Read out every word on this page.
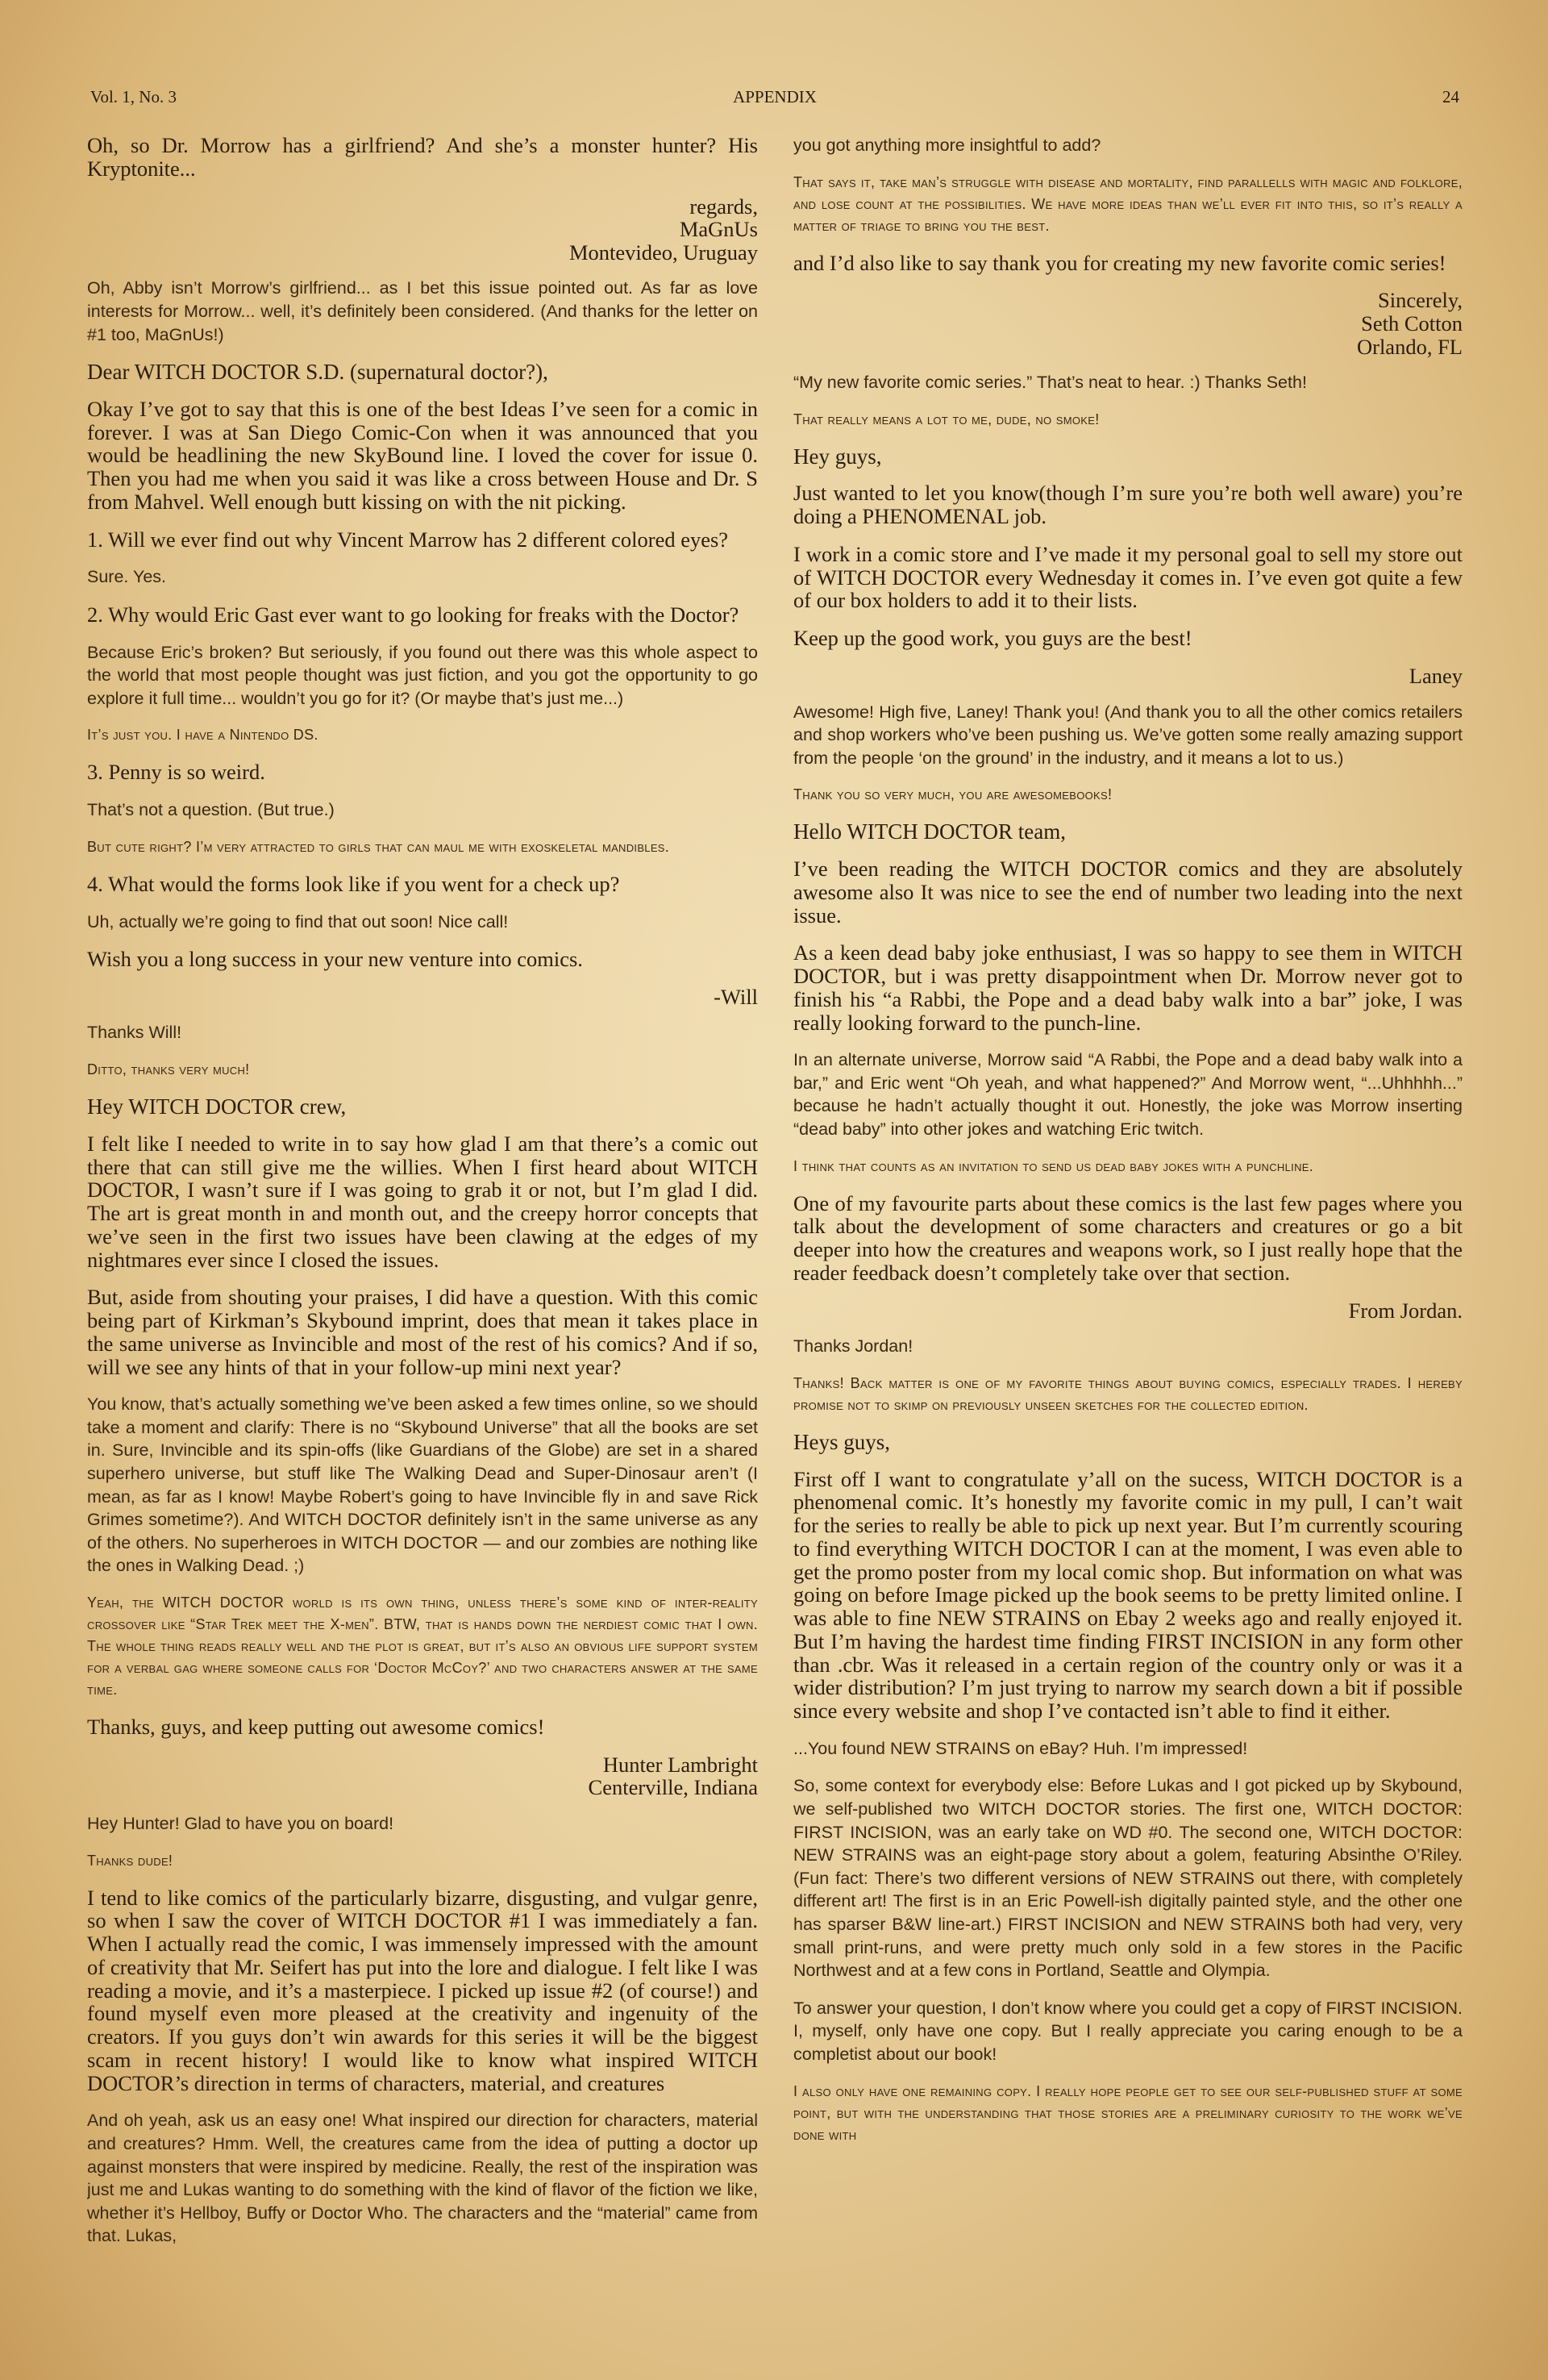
Vol. 1, No. 3	APPENDIX	24

Oh, so Dr. Morrow has a girlfriend? And she’s a monster hunter? His Kryptonite...

regards,
MaGnUs
Montevideo, Uruguay

Oh, Abby isn’t Morrow’s girlfriend... as I bet this issue pointed out. As far as love interests for Morrow... well, it’s definitely been considered. (And thanks for the letter on #1 too, MaGnUs!)

Dear WITCH DOCTOR S.D. (supernatural doctor?),

Okay I’ve got to say that this is one of the best Ideas I’ve seen for a comic in forever. I was at San Diego Comic-Con when it was announced that you would be headlining the new SkyBound line. I loved the cover for issue 0. Then you had me when you said it was like a cross between House and Dr. S from Mahvel. Well enough butt kissing on with the nit picking.

1. Will we ever find out why Vincent Marrow has 2 different colored eyes?

Sure. Yes.

2. Why would Eric Gast ever want to go looking for freaks with the Doctor?

Because Eric’s broken? But seriously, if you found out there was this whole aspect to the world that most people thought was just fiction, and you got the opportunity to go explore it full time... wouldn’t you go for it? (Or maybe that’s just me...)

It’s just you. I have a Nintendo DS.

3. Penny is so weird.

That’s not a question. (But true.)

But cute right? I’m very attracted to girls that can maul me with exoskeletal mandibles.

4. What would the forms look like if you went for a check up?

Uh, actually we’re going to find that out soon! Nice call!

Wish you a long success in your new venture into comics.

-Will

Thanks Will!

Ditto, thanks very much!

Hey WITCH DOCTOR crew,

I felt like I needed to write in to say how glad I am that there’s a comic out there that can still give me the willies. When I first heard about WITCH DOCTOR, I wasn’t sure if I was going to grab it or not, but I’m glad I did. The art is great month in and month out, and the creepy horror concepts that we’ve seen in the first two issues have been clawing at the edges of my nightmares ever since I closed the issues.

But, aside from shouting your praises, I did have a question. With this comic being part of Kirkman’s Skybound imprint, does that mean it takes place in the same universe as Invincible and most of the rest of his comics? And if so, will we see any hints of that in your follow-up mini next year?

You know, that’s actually something we’ve been asked a few times online, so we should take a moment and clarify: There is no “Skybound Universe” that all the books are set in. Sure, Invincible and its spin-offs (like Guardians of the Globe) are set in a shared superhero universe, but stuff like The Walking Dead and Super-Dinosaur aren’t (I mean, as far as I know! Maybe Robert’s going to have Invincible fly in and save Rick Grimes sometime?). And WITCH DOCTOR definitely isn’t in the same universe as any of the others. No superheroes in WITCH DOCTOR — and our zombies are nothing like the ones in Walking Dead. ;)

Yeah, the WITCH DOCTOR world is its own thing, unless there’s some kind of inter-reality crossover like “Star Trek meet the X-men”. BTW, that is hands down the nerdiest comic that I own. The whole thing reads really well and the plot is great, but it’s also an obvious life support system for a verbal gag where someone calls for ‘Doctor McCoy?’ and two characters answer at the same time.

Thanks, guys, and keep putting out awesome comics!

Hunter Lambright
Centerville, Indiana

Hey Hunter! Glad to have you on board!

Thanks dude!

I tend to like comics of the particularly bizarre, disgusting, and vulgar genre, so when I saw the cover of WITCH DOCTOR #1 I was immediately a fan. When I actually read the comic, I was immensely impressed with the amount of creativity that Mr. Seifert has put into the lore and dialogue. I felt like I was reading a movie, and it’s a masterpiece. I picked up issue #2 (of course!) and found myself even more pleased at the creativity and ingenuity of the creators. If you guys don’t win awards for this series it will be the biggest scam in recent history! I would like to know what inspired WITCH DOCTOR’s direction in terms of characters, material, and creatures

And oh yeah, ask us an easy one! What inspired our direction for characters, material and creatures? Hmm. Well, the creatures came from the idea of putting a doctor up against monsters that were inspired by medicine. Really, the rest of the inspiration was just me and Lukas wanting to do something with the kind of flavor of the fiction we like, whether it’s Hellboy, Buffy or Doctor Who. The characters and the “material” came from that. Lukas,

you got anything more insightful to add?

That says it, take man’s struggle with disease and mortality, find parallells with magic and folklore, and lose count at the possibilities. We have more ideas than we’ll ever fit into this, so it’s really a matter of triage to bring you the best.

and I’d also like to say thank you for creating my new favorite comic series!

Sincerely,
Seth Cotton
Orlando, FL

“My new favorite comic series.” That’s neat to hear. :) Thanks Seth!

That really means a lot to me, dude, no smoke!

Hey guys,

Just wanted to let you know(though I’m sure you’re both well aware) you’re doing a PHENOMENAL job.

I work in a comic store and I’ve made it my personal goal to sell my store out of WITCH DOCTOR every Wednesday it comes in. I’ve even got quite a few of our box holders to add it to their lists.

Keep up the good work, you guys are the best!

Laney

Awesome! High five, Laney! Thank you! (And thank you to all the other comics retailers and shop workers who’ve been pushing us. We’ve gotten some really amazing support from the people ‘on the ground’ in the industry, and it means a lot to us.)

Thank you so very much, you are awesomebooks!

Hello WITCH DOCTOR team,

I’ve been reading the WITCH DOCTOR comics and they are absolutely awesome also It was nice to see the end of number two leading into the next issue.

As a keen dead baby joke enthusiast, I was so happy to see them in WITCH DOCTOR, but i was pretty disappointment when Dr. Morrow never got to finish his “a Rabbi, the Pope and a dead baby walk into a bar” joke, I was really looking forward to the punch-line.

In an alternate universe, Morrow said “A Rabbi, the Pope and a dead baby walk into a bar,” and Eric went “Oh yeah, and what happened?” And Morrow went, “...Uhhhhh...” because he hadn’t actually thought it out. Honestly, the joke was Morrow inserting “dead baby” into other jokes and watching Eric twitch.

I think that counts as an invitation to send us dead baby jokes with a punchline.

One of my favourite parts about these comics is the last few pages where you talk about the development of some characters and creatures or go a bit deeper into how the creatures and weapons work, so I just really hope that the reader feedback doesn’t completely take over that section.

From Jordan.

Thanks Jordan!

Thanks! Back matter is one of my favorite things about buying comics, especially trades. I hereby promise not to skimp on previously unseen sketches for the collected edition.

Heys guys,

First off I want to congratulate y’all on the sucess, WITCH DOCTOR is a phenomenal comic. It’s honestly my favorite comic in my pull, I can’t wait for the series to really be able to pick up next year. But I’m currently scouring to find everything WITCH DOCTOR I can at the moment, I was even able to get the promo poster from my local comic shop. But information on what was going on before Image picked up the book seems to be pretty limited online. I was able to fine NEW STRAINS on Ebay 2 weeks ago and really enjoyed it. But I’m having the hardest time finding FIRST INCISION in any form other than .cbr. Was it released in a certain region of the country only or was it a wider distribution? I’m just trying to narrow my search down a bit if possible since every website and shop I’ve contacted isn’t able to find it either.

...You found NEW STRAINS on eBay? Huh. I’m impressed!

So, some context for everybody else: Before Lukas and I got picked up by Skybound, we self-published two WITCH DOCTOR stories. The first one, WITCH DOCTOR: FIRST INCISION, was an early take on WD #0. The second one, WITCH DOCTOR: NEW STRAINS was an eight-page story about a golem, featuring Absinthe O’Riley. (Fun fact: There’s two different versions of NEW STRAINS out there, with completely different art! The first is in an Eric Powell-ish digitally painted style, and the other one has sparser B&W line-art.) FIRST INCISION and NEW STRAINS both had very, very small print-runs, and were pretty much only sold in a few stores in the Pacific Northwest and at a few cons in Portland, Seattle and Olympia.

To answer your question, I don’t know where you could get a copy of FIRST INCISION. I, myself, only have one copy. But I really appreciate you caring enough to be a completist about our book!

I also only have one remaining copy. I really hope people get to see our self-published stuff at some point, but with the understanding that those stories are a preliminary curiosity to the work we’ve done with
